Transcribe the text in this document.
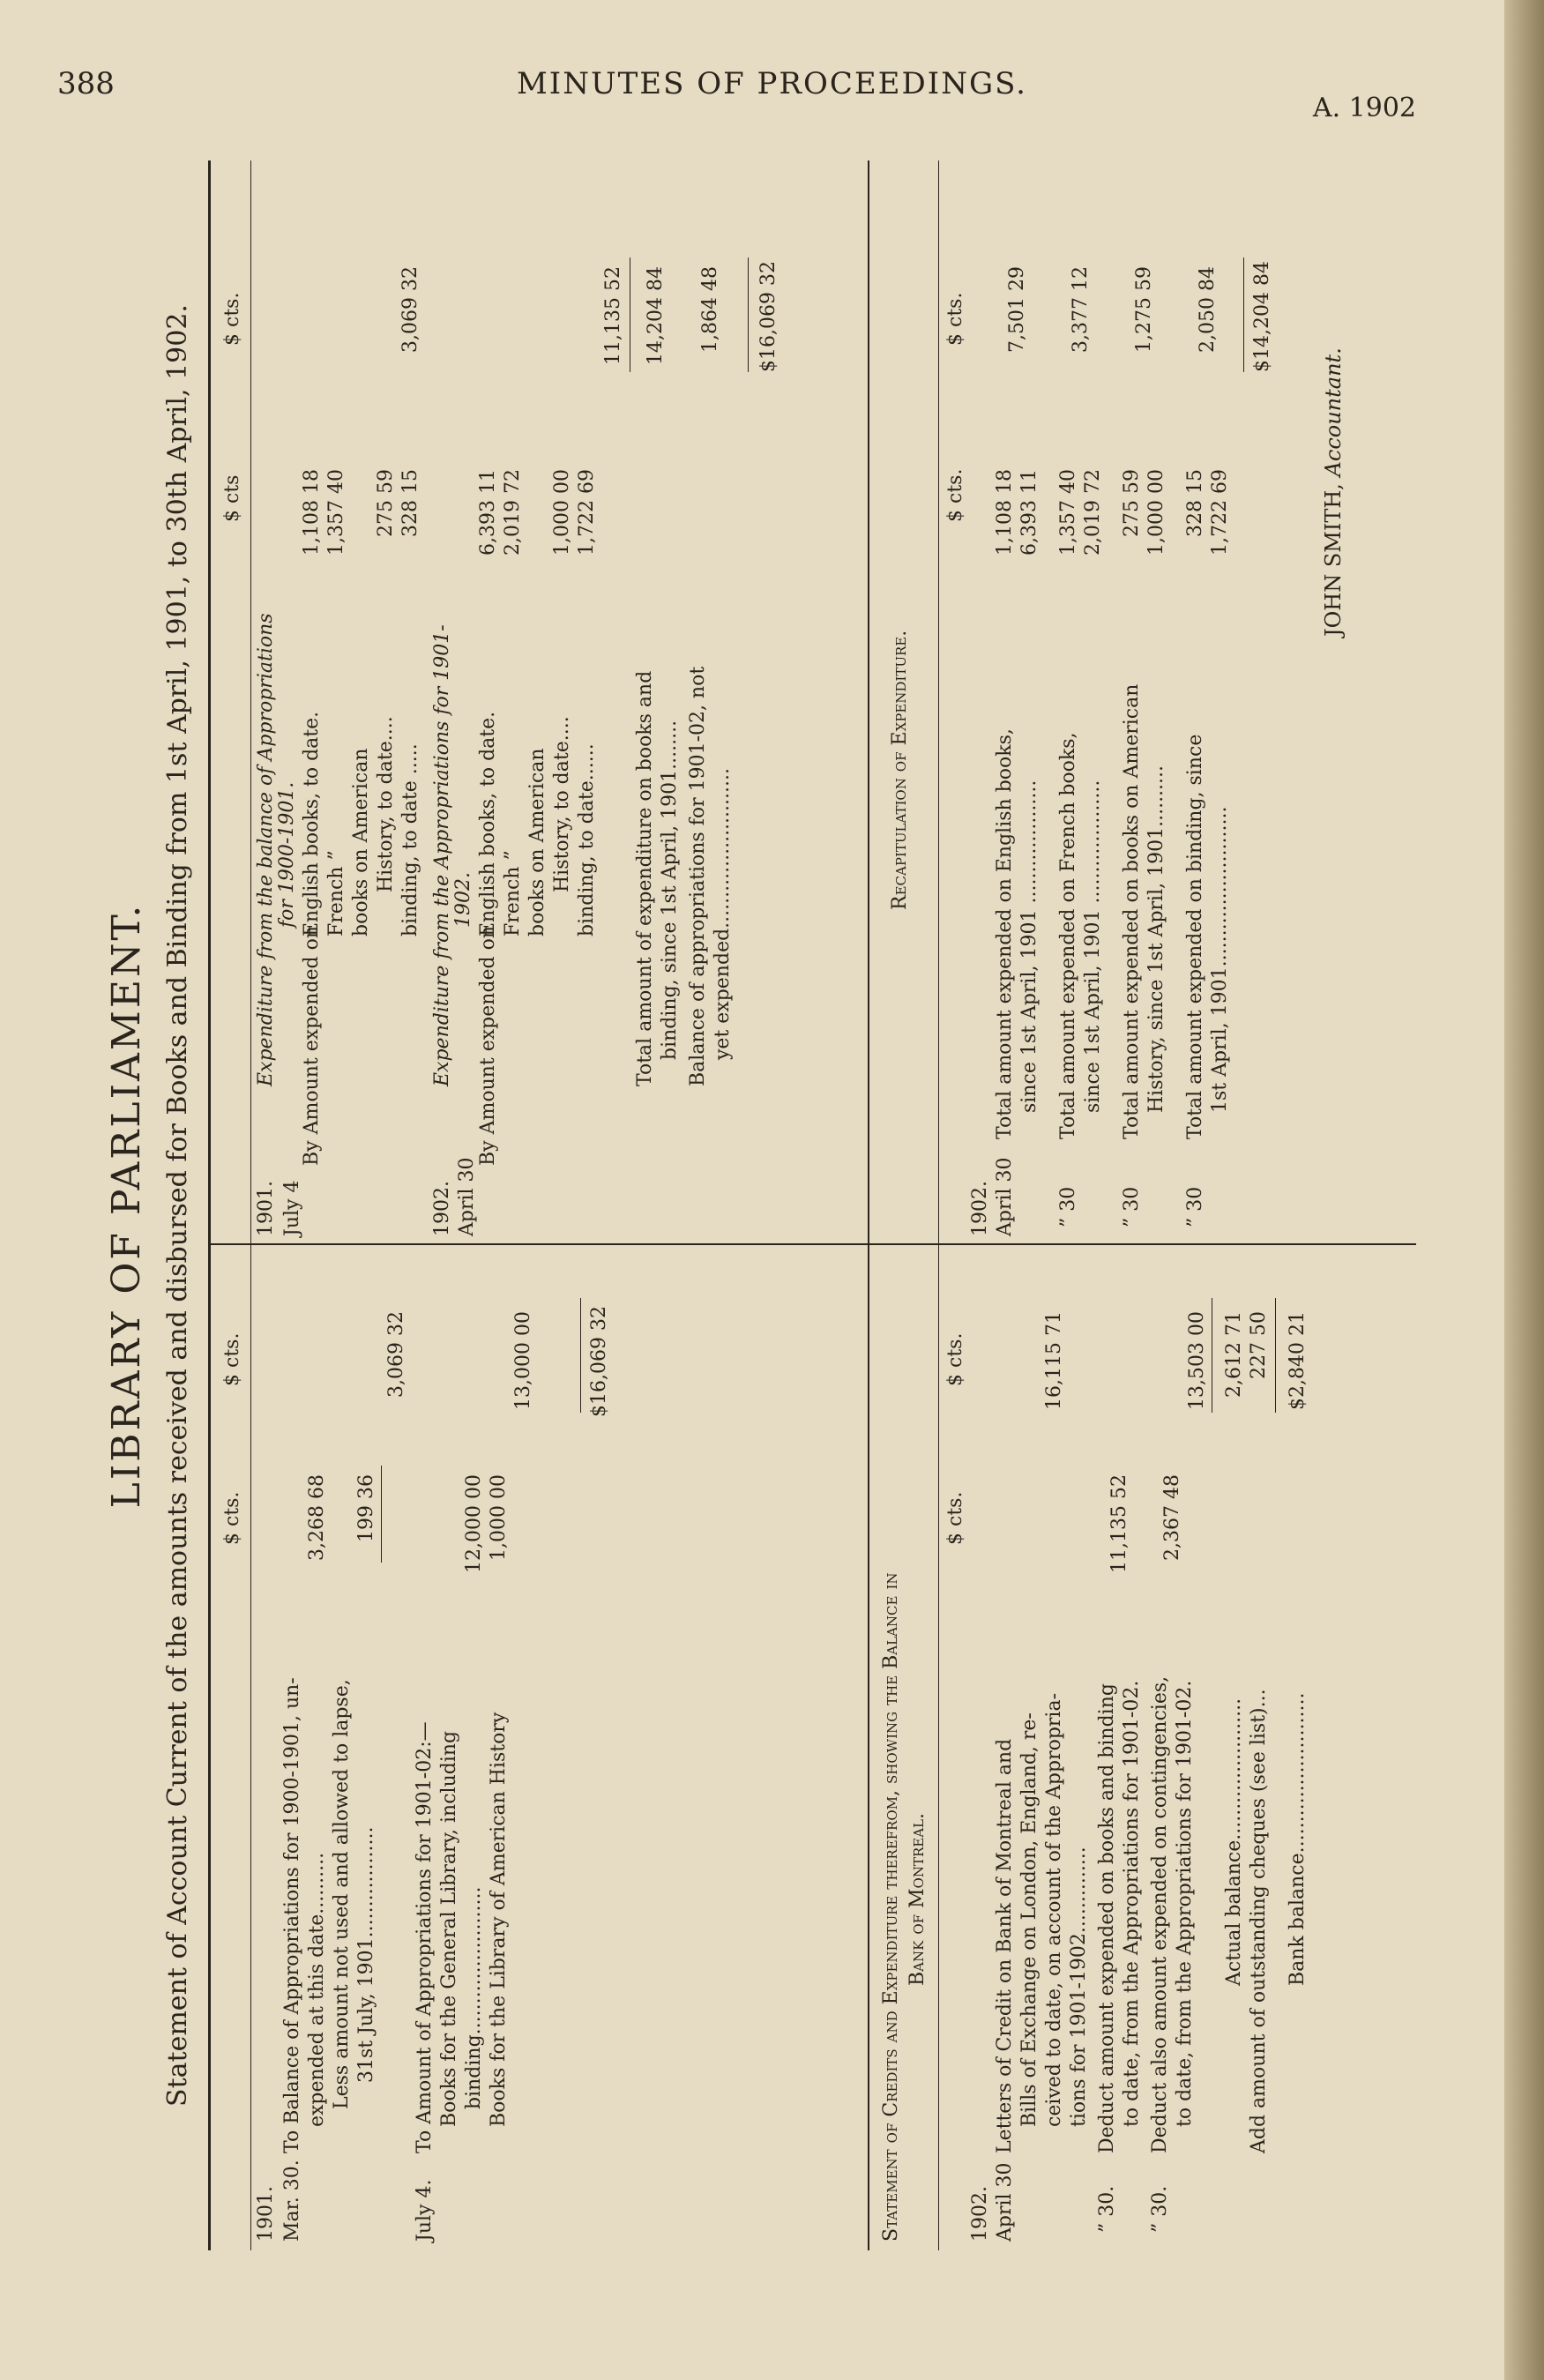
388	MINUTES OF PROCEEDINGS.
A. 1902
LIBRARY OF PARLIAMENT. Statement of Account Current of the amounts received and disbursed for Books and Binding from 1st April, 1901, to 30th April, 1902. $ cts.
$ cts.
$ cts
$ cts.
1901. Mar. 30.
To Balance of Appropriations for 1900-1901, un- expended at this date..........
3,268 68
Less amount not used and allowed to lapse, 31st July, 1901..................
199 36
3,069 32
July 4.
To Amount of Appropriations for 1901-02:— Books for the General Library, including binding........................
12,000 00
Books for the Library of American History
1,000 00
13,000 00	$16,069 32
1901. July 4
Expenditure from the balance of Appropriations for 1900-1901.
By Amount expended on
English books, to date.
1,108 18
French ”
1,357 40
books on American History, to date....
275 59
binding, to date .....
328 15
3,069 32
1902. April 30
Expenditure from the Appropriations for 1901- 1902.
By Amount expended on
English books, to date.
6,393 11
French ”
2,019 72
books on American History, to date....
1,000 00
binding, to date......
1,722 69
11,135 52
Total amount of expenditure on books and binding, since 1st April, 1901........
14,204 84
Balance of appropriations for 1901-02, not yet expended..........................
1,864 48 $16,069 32
Statement of Credits and Expenditure therefrom, showing the Balance in Bank of Montreal.
$ cts.
$ cts.
1902. April 30
Letters of Credit on Bank of Montreal and Bills of Exchange on London, England, re- ceived to date, on account of the Appropria- tions for 1901-1902..............
16,115 71
” 30.
Deduct amount expended on books and binding to date, from the Appropriations for 1901-02.
11,135 52
” 30.
Deduct also amount expended on contingencies, to date, from the Appropriations for 1901-02.
2,367 48
13,503 00
Actual balance.......................
2,612 71
Add amount of outstanding cheques (see list)...
227 50
Bank balance..........................
$2,840 21
Recapitulation of Expenditure.
$ cts.
$ cts.
1902. April 30
Total amount expended on English books, since 1st April, 1901 ....................
1,108 18 6,393 11
7,501 29
” 30
Total amount expended on French books, since 1st April, 1901 ....................
1,357 40 2,019 72
3,377 12
” 30
Total amount expended on books on American History, since 1st April, 1901..........
275 59 1,000 00
1,275 59
” 30
Total amount expended on binding, since 1st April, 1901..........................
328 15 1,722 69
2,050 84 $14,204 84
JOHN SMITH, Accountant.
